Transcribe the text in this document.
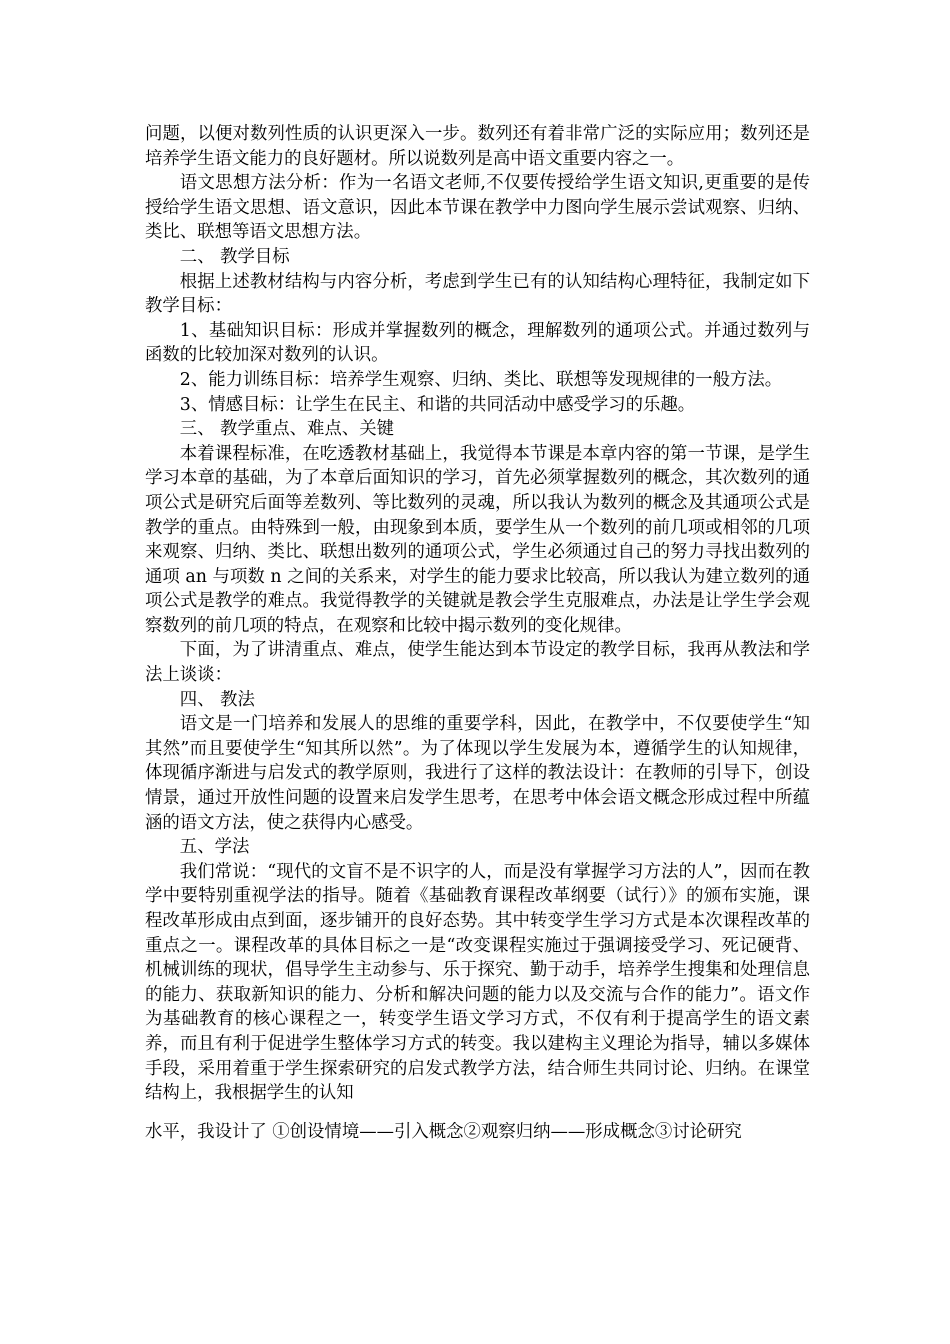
问题，以便对数列性质的认识更深入一步。数列还有着非常广泛的实际应用；数列还是培养学生语文能力的良好题材。所以说数列是高中语文重要内容之一。

语文思想方法分析：作为一名语文老师,不仅要传授给学生语文知识,更重要的是传授给学生语文思想、语文意识，因此本节课在教学中力图向学生展示尝试观察、归纳、类比、联想等语文思想方法。

二、 教学目标

根据上述教材结构与内容分析，考虑到学生已有的认知结构心理特征，我制定如下教学目标：

1、基础知识目标：形成并掌握数列的概念，理解数列的通项公式。并通过数列与函数的比较加深对数列的认识。

2、能力训练目标：培养学生观察、归纳、类比、联想等发现规律的一般方法。

3、情感目标：让学生在民主、和谐的共同活动中感受学习的乐趣。

三、 教学重点、难点、关键

本着课程标准，在吃透教材基础上，我觉得本节课是本章内容的第一节课，是学生学习本章的基础，为了本章后面知识的学习，首先必须掌握数列的概念，其次数列的通项公式是研究后面等差数列、等比数列的灵魂，所以我认为数列的概念及其通项公式是教学的重点。由特殊到一般，由现象到本质，要学生从一个数列的前几项或相邻的几项来观察、归纳、类比、联想出数列的通项公式，学生必须通过自己的努力寻找出数列的通项 an 与项数 n 之间的关系来，对学生的能力要求比较高，所以我认为建立数列的通项公式是教学的难点。我觉得教学的关键就是教会学生克服难点，办法是让学生学会观察数列的前几项的特点，在观察和比较中揭示数列的变化规律。

下面，为了讲清重点、难点，使学生能达到本节设定的教学目标，我再从教法和学法上谈谈：

四、 教法

语文是一门培养和发展人的思维的重要学科，因此，在教学中，不仅要使学生“知其然”而且要使学生“知其所以然”。为了体现以学生发展为本，遵循学生的认知规律，体现循序渐进与启发式的教学原则，我进行了这样的教法设计：在教师的引导下，创设情景，通过开放性问题的设置来启发学生思考，在思考中体会语文概念形成过程中所蕴涵的语文方法，使之获得内心感受。

五、学法

我们常说：“现代的文盲不是不识字的人，而是没有掌握学习方法的人”，因而在教学中要特别重视学法的指导。随着《基础教育课程改革纲要（试行）》的颁布实施，课程改革形成由点到面，逐步铺开的良好态势。其中转变学生学习方式是本次课程改革的重点之一。课程改革的具体目标之一是“改变课程实施过于强调接受学习、死记硬背、机械训练的现状，倡导学生主动参与、乐于探究、勤于动手，培养学生搜集和处理信息的能力、获取新知识的能力、分析和解决问题的能力以及交流与合作的能力”。语文作为基础教育的核心课程之一，转变学生语文学习方式，不仅有利于提高学生的语文素养，而且有利于促进学生整体学习方式的转变。我以建构主义理论为指导，辅以多媒体手段，采用着重于学生探索研究的启发式教学方法，结合师生共同讨论、归纳。在课堂结构上，我根据学生的认知

水平，我设计了 ①创设情境——引入概念②观察归纳——形成概念③讨论研究
